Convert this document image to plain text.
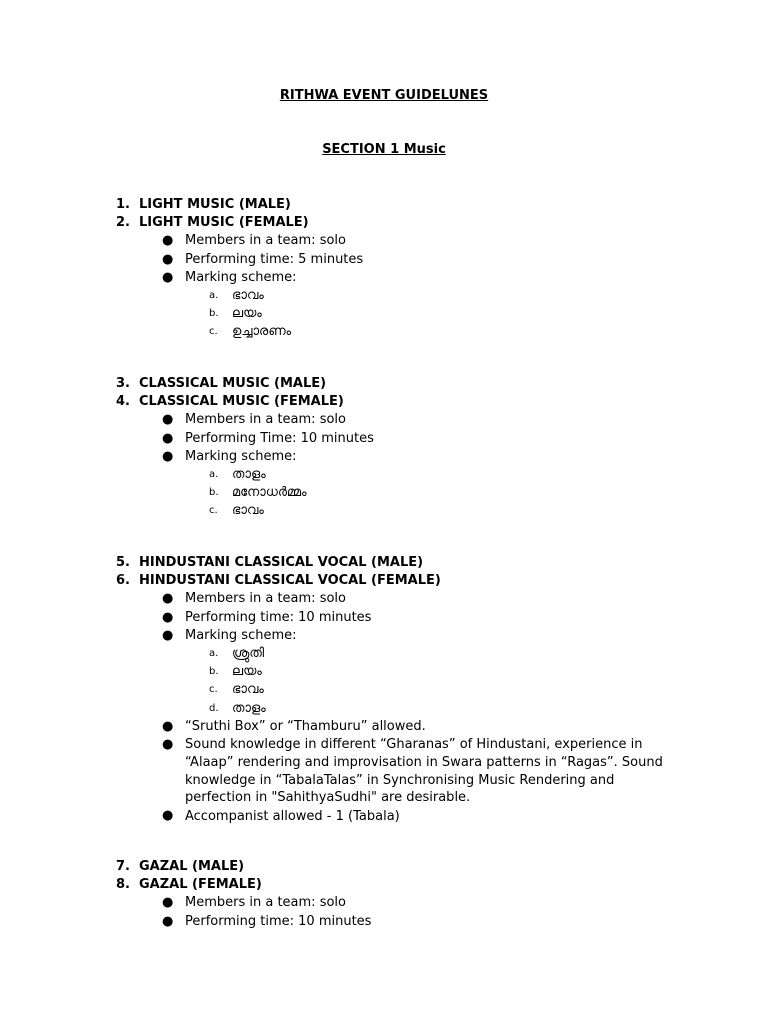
RITHWA EVENT GUIDELUNES
SECTION 1 Music
1. LIGHT MUSIC (MALE)
2. LIGHT MUSIC (FEMALE)
● Members in a team: solo
● Performing time: 5 minutes
● Marking scheme:
a. ഭാവം
b. ലയം
c. ഉച്ചാരണം
3. CLASSICAL MUSIC (MALE)
4. CLASSICAL MUSIC (FEMALE)
● Members in a team: solo
● Performing Time: 10 minutes
● Marking scheme:
a. താളം
b. മനോധർമ്മം
c. ഭാവം
5. HINDUSTANI CLASSICAL VOCAL (MALE)
6. HINDUSTANI CLASSICAL VOCAL (FEMALE)
● Members in a team: solo
● Performing time: 10 minutes
● Marking scheme:
a. ശ്രുതി
b. ലയം
c. ഭാവം
d. താളം
● “Sruthi Box” or “Thamburu” allowed.
● Sound knowledge in different “Gharanas” of Hindustani, experience in “Alaap” rendering and improvisation in Swara patterns in “Ragas”. Sound knowledge in “TabalaTalas” in Synchronising Music Rendering and perfection in "SahithyaSudhi" are desirable.
● Accompanist allowed - 1 (Tabala)
7. GAZAL (MALE)
8. GAZAL (FEMALE)
● Members in a team: solo
● Performing time: 10 minutes
